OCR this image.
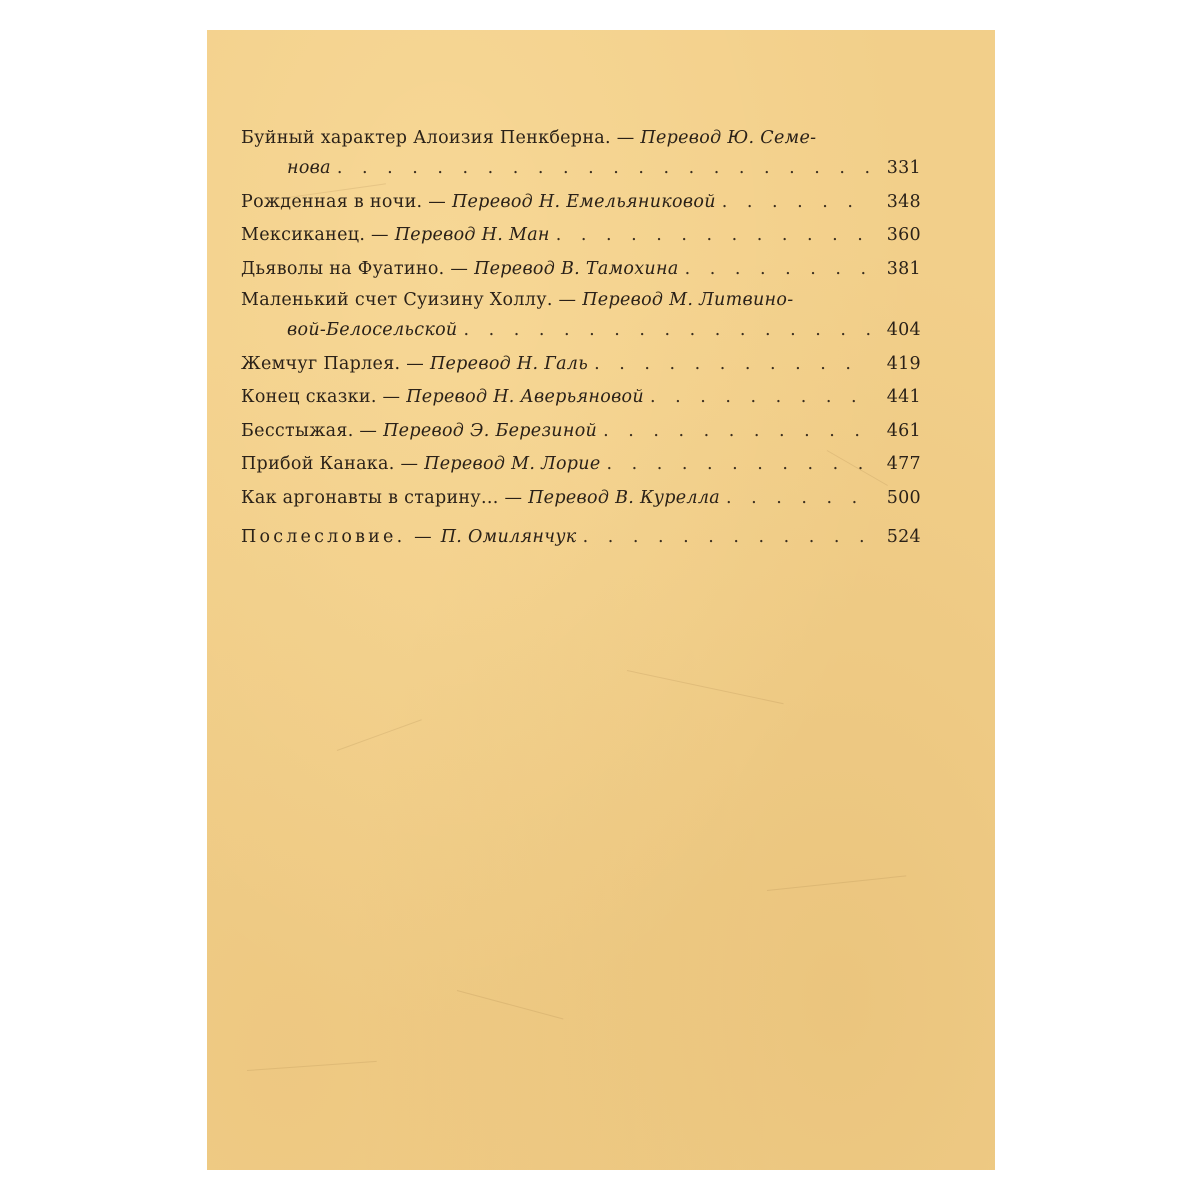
Буйный характер Алоизия Пенкберна. —
Перевод Ю. Семе-
нова . . .	331
Рожденная в ночи. —
Перевод Н. Емельяниковой . . .	348
Мексиканец. —
Перевод Н. Ман . . .	360
Дьяволы на Фуатино. —
Перевод В. Тамохина . . .	381
Маленький счет Суизину Холлу. —
Перевод М. Литвино-
вой-Белосельской . . .	404
Жемчуг Парлея. —
Перевод Н. Галь . . .	419
Конец сказки. —
Перевод Н. Аверьяновой . . .	441
Бесстыжая. —
Перевод Э. Березиной . . .	461
Прибой Канака. —
Перевод М. Лорие . . .	477
Как аргонавты в старину... —
Перевод В. Курелла . . .	500
Послесловие. —
П. Омилянчук . . .	524
